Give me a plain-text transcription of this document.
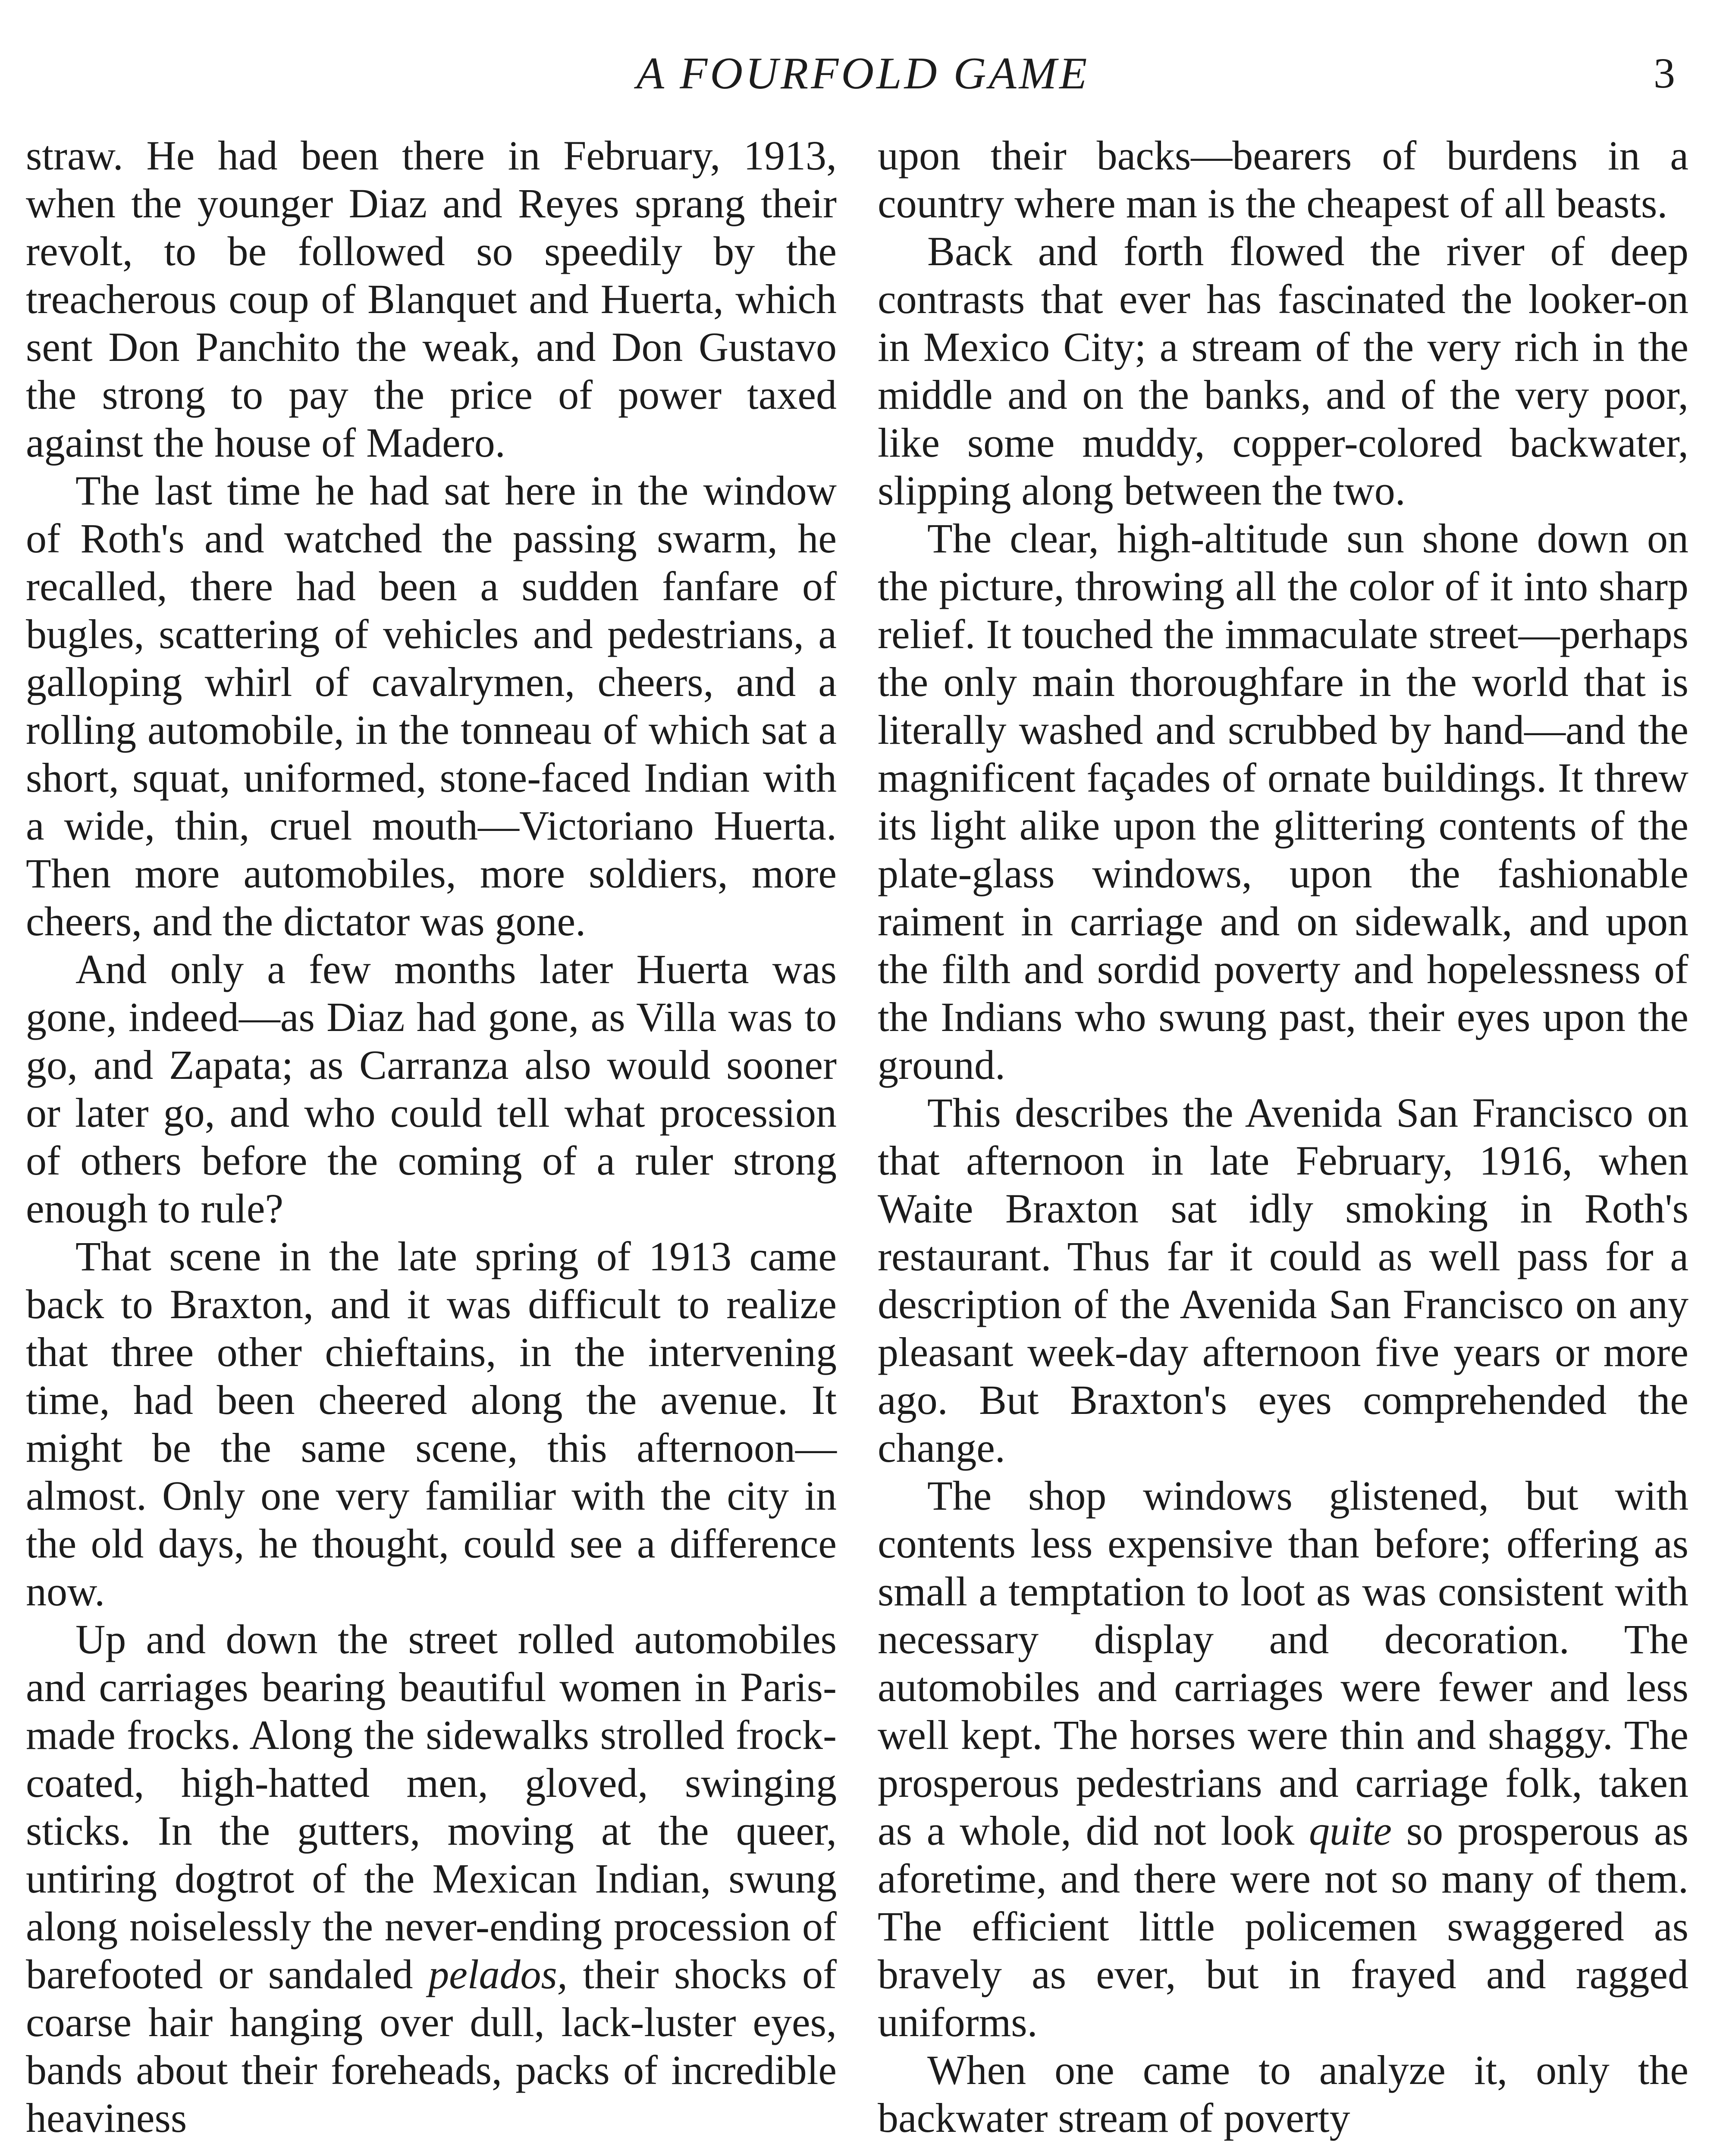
A FOURFOLD GAME	3

straw. He had been there in February, 1913, when the younger Diaz and Reyes sprang their revolt, to be followed so speedily by the treacherous coup of Blanquet and Huerta, which sent Don Panchito the weak, and Don Gustavo the strong to pay the price of power taxed against the house of Madero.

The last time he had sat here in the window of Roth's and watched the passing swarm, he recalled, there had been a sudden fanfare of bugles, scattering of vehicles and pedestrians, a galloping whirl of cavalrymen, cheers, and a rolling automobile, in the tonneau of which sat a short, squat, uniformed, stone-faced Indian with a wide, thin, cruel mouth—Victoriano Huerta. Then more automobiles, more soldiers, more cheers, and the dictator was gone.

And only a few months later Huerta was gone, indeed—as Diaz had gone, as Villa was to go, and Zapata; as Carranza also would sooner or later go, and who could tell what procession of others before the coming of a ruler strong enough to rule?

That scene in the late spring of 1913 came back to Braxton, and it was difficult to realize that three other chieftains, in the intervening time, had been cheered along the avenue. It might be the same scene, this afternoon—almost. Only one very familiar with the city in the old days, he thought, could see a difference now.

Up and down the street rolled automobiles and carriages bearing beautiful women in Paris-made frocks. Along the sidewalks strolled frock-coated, high-hatted men, gloved, swinging sticks. In the gutters, moving at the queer, untiring dogtrot of the Mexican Indian, swung along noiselessly the never-ending procession of barefooted or sandaled pelados, their shocks of coarse hair hanging over dull, lack-luster eyes, bands about their foreheads, packs of incredible heaviness

upon their backs—bearers of burdens in a country where man is the cheapest of all beasts.

Back and forth flowed the river of deep contrasts that ever has fascinated the looker-on in Mexico City; a stream of the very rich in the middle and on the banks, and of the very poor, like some muddy, copper-colored backwater, slipping along between the two.

The clear, high-altitude sun shone down on the picture, throwing all the color of it into sharp relief. It touched the immaculate street—perhaps the only main thoroughfare in the world that is literally washed and scrubbed by hand—and the magnificent façades of ornate buildings. It threw its light alike upon the glittering contents of the plate-glass windows, upon the fashionable raiment in carriage and on sidewalk, and upon the filth and sordid poverty and hopelessness of the Indians who swung past, their eyes upon the ground.

This describes the Avenida San Francisco on that afternoon in late February, 1916, when Waite Braxton sat idly smoking in Roth's restaurant. Thus far it could as well pass for a description of the Avenida San Francisco on any pleasant week-day afternoon five years or more ago. But Braxton's eyes comprehended the change.

The shop windows glistened, but with contents less expensive than before; offering as small a temptation to loot as was consistent with necessary display and decoration. The automobiles and carriages were fewer and less well kept. The horses were thin and shaggy. The prosperous pedestrians and carriage folk, taken as a whole, did not look quite so prosperous as aforetime, and there were not so many of them. The efficient little policemen swaggered as bravely as ever, but in frayed and ragged uniforms.

When one came to analyze it, only the backwater stream of poverty
